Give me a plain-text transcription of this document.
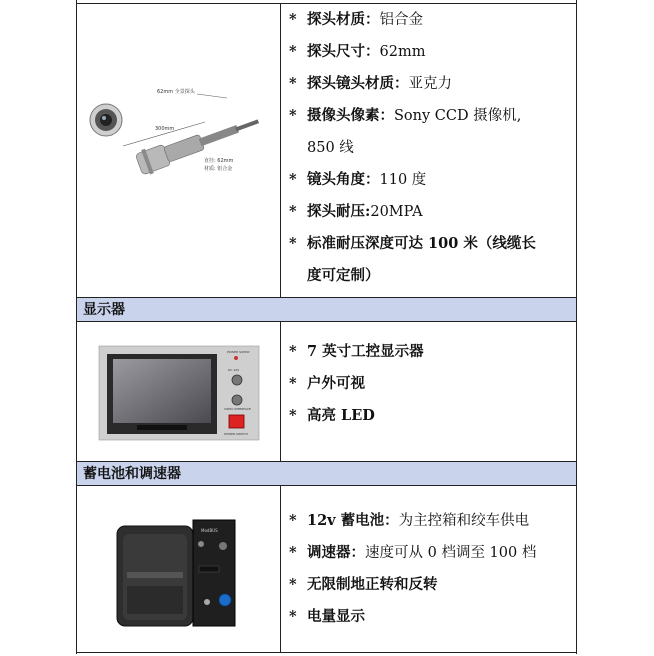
300mm
62mm 全景探头
直径: 62mm
材质: 铝合金
* 探头材质：铝合金
* 探头尺寸：62mm
* 探头镜头材质：亚克力
* 摄像头像素：Sony CCD 摄像机,
850 线
* 镜头角度：110 度
* 探头耐压:20MPA
* 标准耐压深度可达 100 米（线缆长
度可定制）
显示器
POWER SUPPLY
DC 12V
VIDEO INTERFACE
POWER SWITCH
* 7 英寸工控显示器
* 户外可视
* 高亮 LED
蓄电池和调速器
ModBUS
* 12v 蓄电池：为主控箱和绞车供电
* 调速器：速度可从 0 档调至 100 档
* 无限制地正转和反转
* 电量显示
